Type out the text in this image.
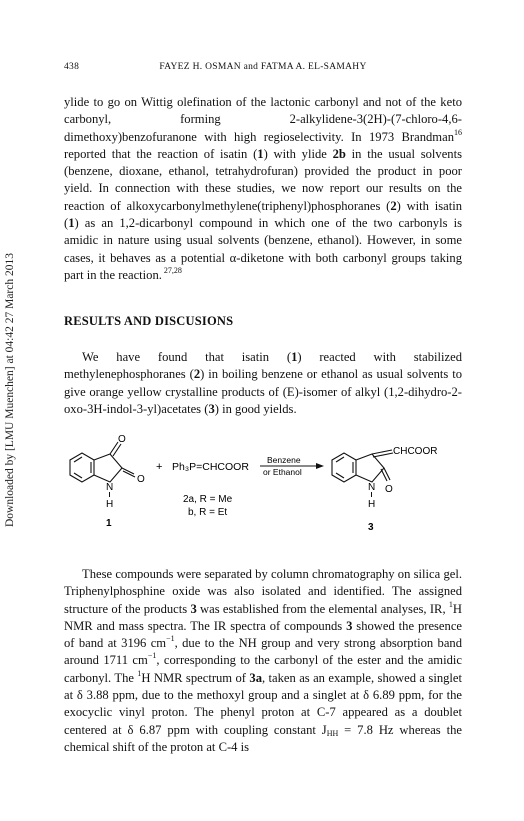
Downloaded by [LMU Muenchen] at 04:42 27 March 2013
438	FAYEZ H. OSMAN and FATMA A. EL-SAMAHY

ylide to go on Wittig olefination of the lactonic carbonyl and not of the keto carbonyl, forming 2-alkylidene-3(2H)-(7-chloro-4,6-dimethoxy)benzofuranone with high regioselectivity. In 1973 Brandman$^{16}$ reported that the reaction of isatin (1) with ylide 2b in the usual solvents (benzene, dioxane, ethanol, tetrahydrofuran) provided the product in poor yield. In connection with these studies, we now report our results on the reaction of alkoxycarbonylmethylene(triphenyl)phosphoranes (2) with isatin (1) as an 1,2-dicarbonyl compound in which one of the two carbonyls is amidic in nature using usual solvents (benzene, ethanol). However, in some cases, it behaves as a potential α-diketone with both carbonyl groups taking part in the reaction. $^{27,28}$

RESULTS AND DISCUSIONS

We have found that isatin (1) reacted with stabilized methylenephosphoranes (2) in boiling benzene or ethanol as usual solvents to give orange yellow crystalline products of (E)-isomer of alkyl (1,2-dihydro-2-oxo-3H-indol-3-yl)acetates (3) in good yields.

O
O
N
H
1
+ Ph₃P=CHCOOR
2a, R = Me
b, R = Et
Benzene
or Ethanol
CHCOOR
O
N
H
3

These compounds were separated by column chromatography on silica gel. Triphenylphosphine oxide was also isolated and identified. The assigned structure of the products 3 was established from the elemental analyses, IR, $^1$H NMR and mass spectra. The IR spectra of compounds 3 showed the presence of band at 3196 $cm^{-1}$, due to the NH group and very strong absorption band around 1711 $cm^{-1}$, corresponding to the carbonyl of the ester and the amidic carbonyl. The $^1$H NMR spectrum of 3a, taken as an example, showed a singlet at δ 3.88 ppm, due to the methoxyl group and a singlet at δ 6.89 ppm, for the exocyclic vinyl proton. The phenyl proton at C-7 appeared as a doublet centered at δ 6.87 ppm with coupling constant $J_{HH} = 7.8$ Hz whereas the chemical shift of the proton at C-4 is
